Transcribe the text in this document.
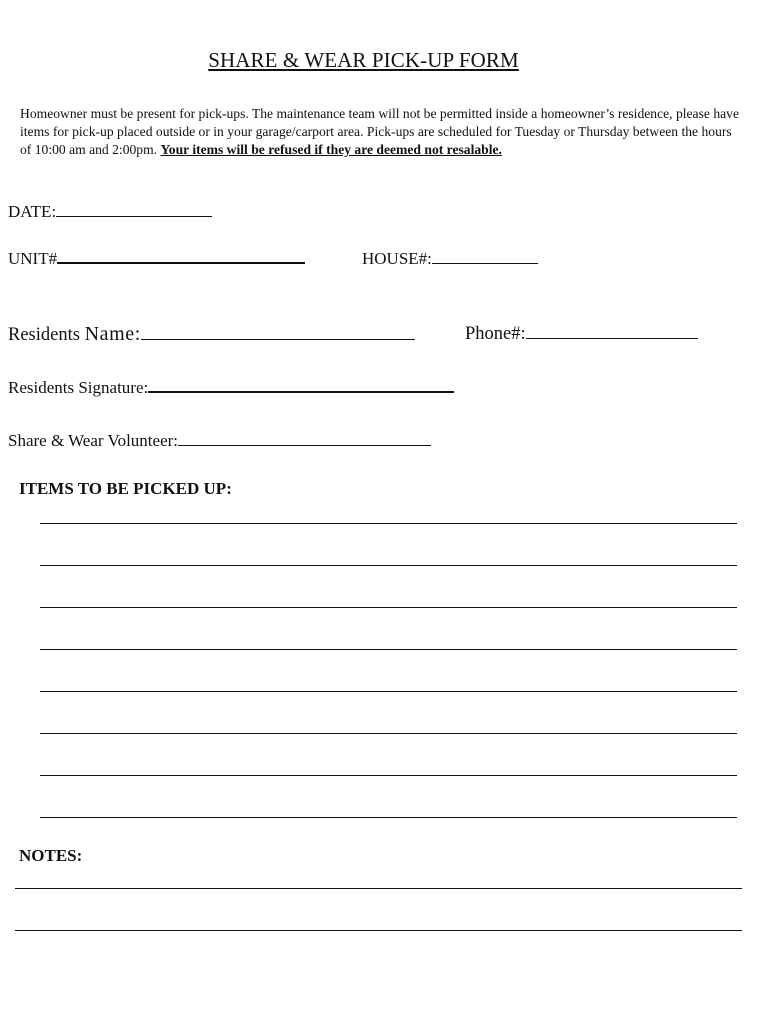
SHARE & WEAR PICK-UP FORM
Homeowner must be present for pick-ups. The maintenance team will not be permitted inside a homeowner’s residence, please have items for pick-up placed outside or in your garage/carport area. Pick-ups are scheduled for Tuesday or Thursday between the hours of 10:00 am and 2:00pm. Your items will be refused if they are deemed not resalable.
DATE:
UNIT#	HOUSE#:
Residents Name:	Phone#:
Residents Signature:
Share & Wear Volunteer:
ITEMS TO BE PICKED UP:
NOTES:
